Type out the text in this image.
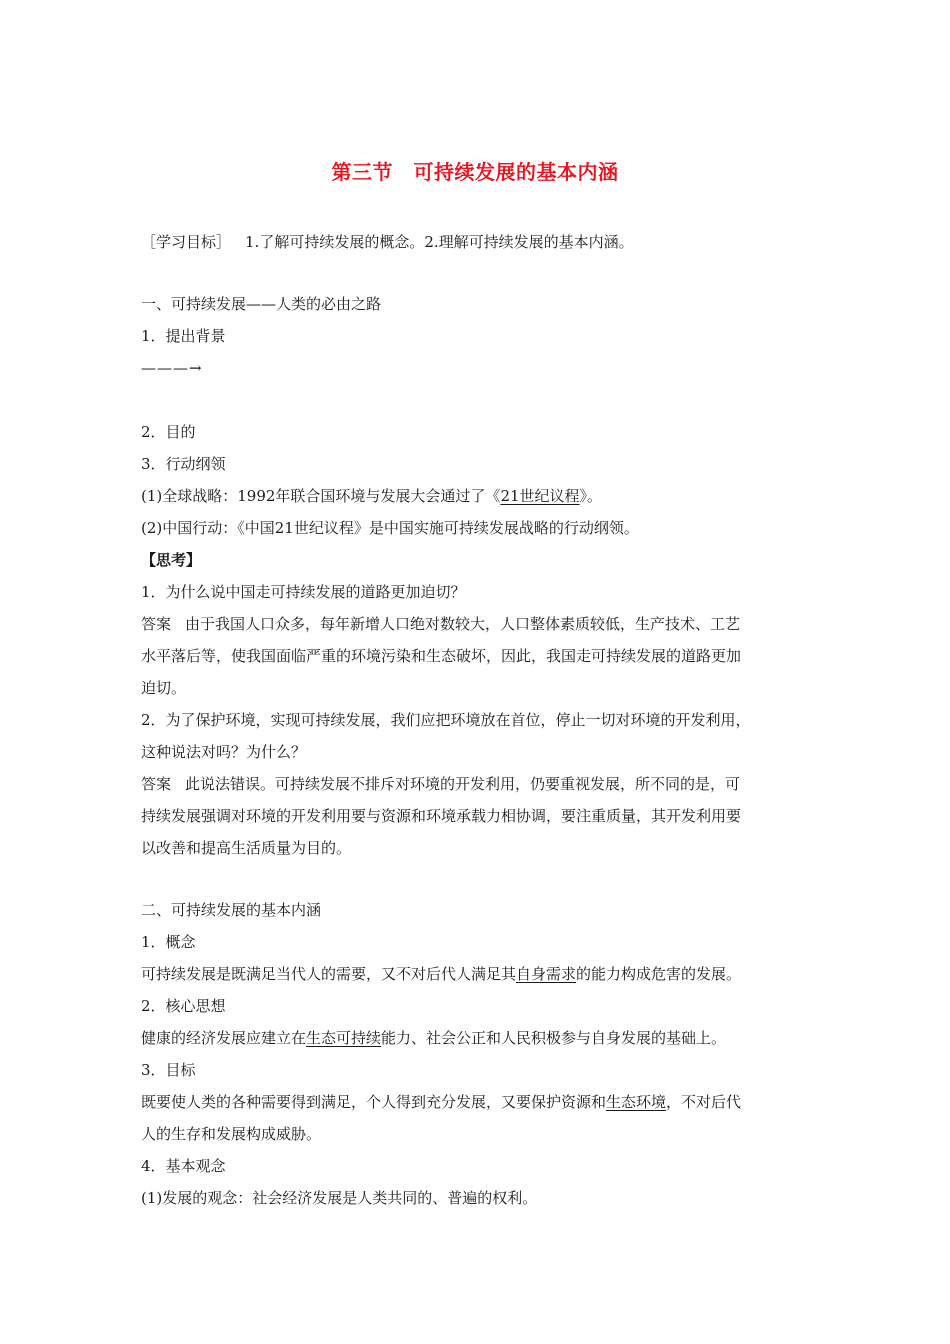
第三节　可持续发展的基本内涵
［学习目标］ 1.了解可持续发展的概念。2.理解可持续发展的基本内涵。
一、可持续发展——人类的必由之路
1．提出背景
———→
2．目的
3．行动纲领
(1)全球战略：1992年联合国环境与发展大会通过了《21世纪议程》。
(2)中国行动：《中国21世纪议程》是中国实施可持续发展战略的行动纲领。
【思考】
1．为什么说中国走可持续发展的道路更加迫切？
答案 由于我国人口众多，每年新增人口绝对数较大，人口整体素质较低，生产技术、工艺
水平落后等，使我国面临严重的环境污染和生态破坏，因此，我国走可持续发展的道路更加
迫切。
2．为了保护环境，实现可持续发展，我们应把环境放在首位，停止一切对环境的开发利用，
这种说法对吗？为什么？
答案 此说法错误。可持续发展不排斥对环境的开发利用，仍要重视发展，所不同的是，可
持续发展强调对环境的开发利用要与资源和环境承载力相协调，要注重质量，其开发利用要
以改善和提高生活质量为目的。
二、可持续发展的基本内涵
1．概念
可持续发展是既满足当代人的需要，又不对后代人满足其自身需求的能力构成危害的发展。
2．核心思想
健康的经济发展应建立在生态可持续能力、社会公正和人民积极参与自身发展的基础上。
3．目标
既要使人类的各种需要得到满足，个人得到充分发展，又要保护资源和生态环境，不对后代
人的生存和发展构成威胁。
4．基本观念
(1)发展的观念：社会经济发展是人类共同的、普遍的权利。
